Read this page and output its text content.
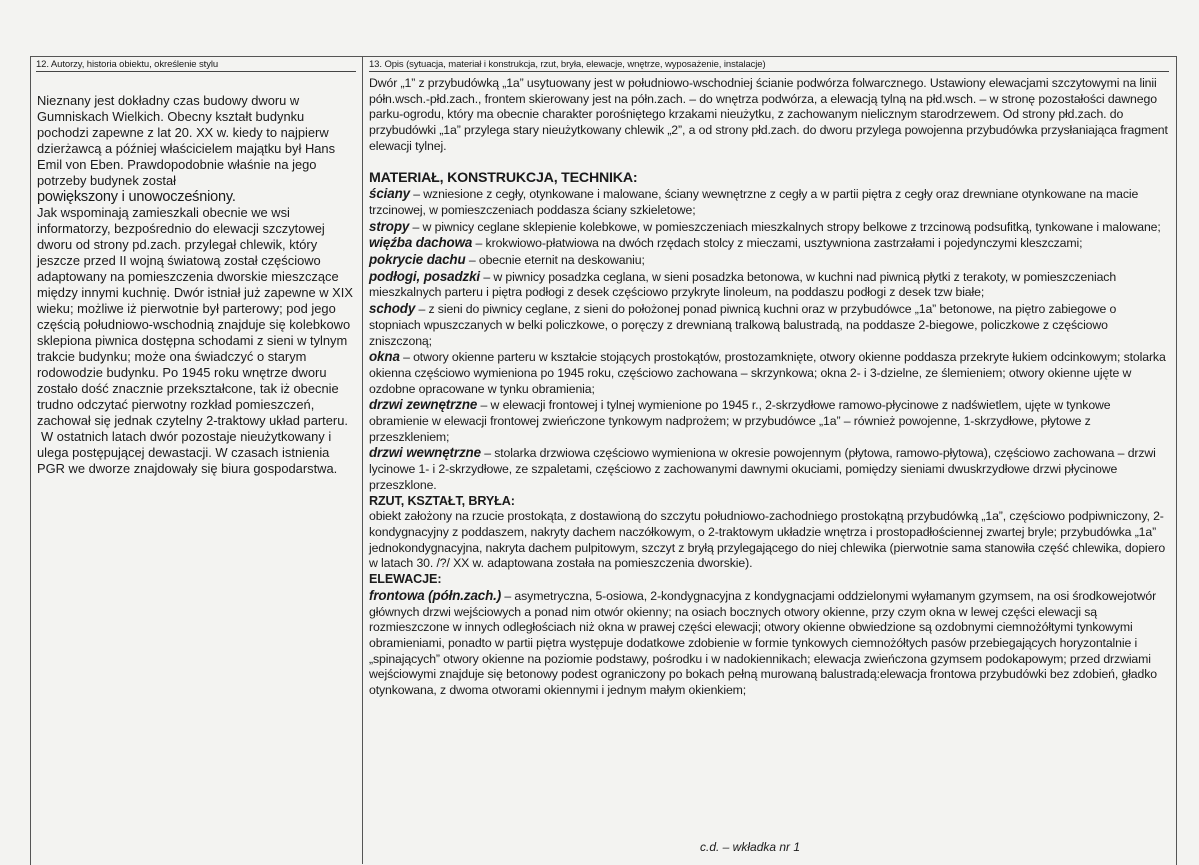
12. Autorzy, historia obiektu, określenie stylu	13. Opis (sytuacja, materiał i konstrukcja, rzut, bryła, elewacje, wnętrze, wyposażenie, instalacje)

Nieznany jest dokładny czas budowy dworu w Gumniskach Wielkich. Obecny kształt budynku pochodzi zapewne z lat 20. XX w. kiedy to najpierw dzierżawcą a później właścicielem majątku był Hans Emil von Eben. Prawdopodobnie właśnie na jego potrzeby budynek został
powiększony i unowocześniony.

Jak wspominają zamieszkali obecnie we wsi informatorzy, bezpośrednio do elewacji szczytowej dworu od strony pd.zach. przylegał chlewik, który jeszcze przed II wojną światową został częściowo adaptowany na pomieszczenia dworskie mieszczące między innymi kuchnię. Dwór istniał już zapewne w XIX wieku; możliwe iż pierwotnie był parterowy; pod jego częścią południowo-wschodnią znajduje się kolebkowo sklepiona piwnica dostępna schodami z sieni w tylnym trakcie budynku; może ona świadczyć o starym rodowodzie budynku. Po 1945 roku wnętrze dworu zostało dość znacznie przekształcone, tak iż obecnie trudno odczytać pierwotny rozkład pomieszczeń, zachował się jednak czytelny 2-traktowy układ parteru.

W ostatnich latach dwór pozostaje nieużytkowany i ulega postępującej dewastacji. W czasach istnienia PGR we dworze znajdowały się biura gospodarstwa.

Dwór „1” z przybudówką „1a” usytuowany jest w południowo-wschodniej ścianie podwórza folwarcznego. Ustawiony elewacjami szczytowymi na linii półn.wsch.-płd.zach., frontem skierowany jest na półn.zach. – do wnętrza podwórza, a elewacją tylną na płd.wsch. – w stronę pozostałości dawnego parku-ogrodu, który ma obecnie charakter porośniętego krzakami nieużytku, z zachowanym nielicznym starodrzewem. Od strony płd.zach. do przybudówki „1a” przylega stary nieużytkowany chlewik „2”, a od strony płd.zach. do dworu przylega powojenna przybudówka przysłaniająca fragment elewacji tylnej.

MATERIAŁ, KONSTRUKCJA, TECHNIKA:

ściany – wzniesione z cegły, otynkowane i malowane, ściany wewnętrzne z cegły a w partii piętra z cegły oraz drewniane otynkowane na macie trzcinowej, w pomieszczeniach poddasza ściany szkieletowe;

stropy – w piwnicy ceglane sklepienie kolebkowe, w pomieszczeniach mieszkalnych stropy belkowe z trzcinową podsufitką, tynkowane i malowane;

więźba dachowa – krokwiowo-płatwiowa na dwóch rzędach stolcy z mieczami, usztywniona zastrzałami i pojedynczymi kleszczami;

pokrycie dachu – obecnie eternit na deskowaniu;

podłogi, posadzki – w piwnicy posadzka ceglana, w sieni posadzka betonowa, w kuchni nad piwnicą płytki z terakoty, w pomieszczeniach mieszkalnych parteru i piętra podłogi z desek częściowo przykryte linoleum, na poddaszu podłogi z desek tzw białe;

schody – z sieni do piwnicy ceglane, z sieni do położonej ponad piwnicą kuchni oraz w przybudówce „1a” betonowe, na piętro zabiegowe o stopniach wpuszczanych w belki policzkowe, o poręczy z drewnianą tralkową balustradą, na poddasze 2-biegowe, policzkowe z częściowo zniszczoną;

okna – otwory okienne parteru w kształcie stojących prostokątów, prostozamknięte, otwory okienne poddasza przekryte łukiem odcinkowym; stolarka okienna częściowo wymieniona po 1945 roku, częściowo zachowana – skrzynkowa; okna 2- i 3-dzielne, ze ślemieniem; otwory okienne ujęte w ozdobne opracowane w tynku obramienia;

drzwi zewnętrzne – w elewacji frontowej i tylnej wymienione po 1945 r., 2-skrzydłowe ramowo-płycinowe z nadświetlem, ujęte w tynkowe obramienie w elewacji frontowej zwieńczone tynkowym nadprożem; w przybudówce „1a” – również powojenne, 1-skrzydłowe, płytowe z przeszkleniem;

drzwi wewnętrzne – stolarka drzwiowa częściowo wymieniona w okresie powojennym (płytowa, ramowo-płytowa), częściowo zachowana – drzwi lycinowe 1- i 2-skrzydłowe, ze szpaletami, częściowo z zachowanymi dawnymi okuciami, pomiędzy sieniami dwuskrzydłowe drzwi płycinowe przeszklone.

RZUT, KSZTAŁT, BRYŁA:

obiekt założony na rzucie prostokąta, z dostawioną do szczytu południowo-zachodniego prostokątną przybudówką „1a”, częściowo podpiwniczony, 2-kondygnacyjny z poddaszem, nakryty dachem naczółkowym, o 2-traktowym układzie wnętrza i prostopadłościennej zwartej bryle; przybudówka „1a” jednokondygnacyjna, nakryta dachem pulpitowym, szczyt z bryłą przylegającego do niej chlewika (pierwotnie sama stanowiła część chlewika, dopiero w latach 30. /?/ XX w. adaptowana została na pomieszczenia dworskie).

ELEWACJE:

frontowa (półn.zach.) – asymetryczna, 5-osiowa, 2-kondygnacyjna z kondygnacjami oddzielonymi wyłamanym gzymsem, na osi środkowejotwór głównych drzwi wejściowych a ponad nim otwór okienny; na osiach bocznych otwory okienne, przy czym okna w lewej części elewacji są rozmieszczone w innych odległościach niż okna w prawej części elewacji; otwory okienne obwiedzione są ozdobnymi ciemnożółtymi tynkowymi obramieniami, ponadto w partii piętra występuje dodatkowe zdobienie w formie tynkowych ciemnożółtych pasów przebiegających horyzontalnie i „spinających” otwory okienne na poziomie podstawy, pośrodku i w nadokiennikach; elewacja zwieńczona gzymsem podokapowym; przed drzwiami wejściowymi znajduje się betonowy podest ograniczony po bokach pełną murowaną balustradą:elewacja frontowa przybudówki bez zdobień, gładko otynkowana, z dwoma otworami okiennymi i jednym małym okienkiem;

c.d. – wkładka nr 1
